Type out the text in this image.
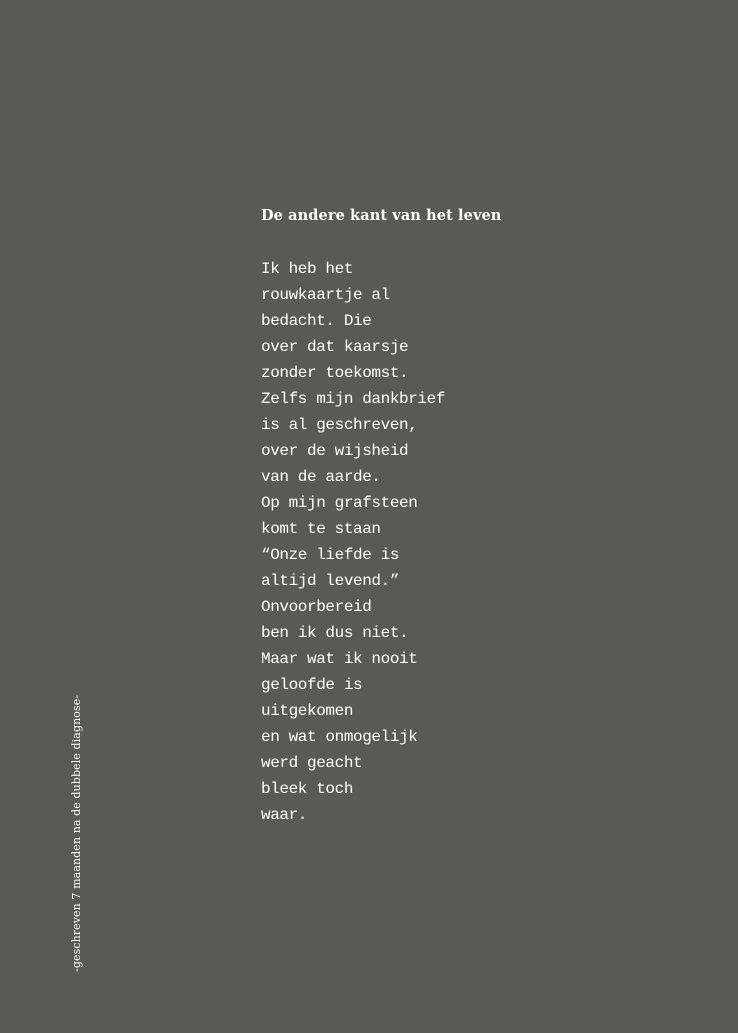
De andere kant van het leven
Ik heb het
rouwkaartje al
bedacht. Die
over dat kaarsje
zonder toekomst.
Zelfs mijn dankbrief
is al geschreven,
over de wijsheid
van de aarde.
Op mijn grafsteen
komt te staan
“Onze liefde is
altijd levend.”
Onvoorbereid
ben ik dus niet.
Maar wat ik nooit
geloofde is
uitgekomen
en wat onmogelijk
werd geacht
bleek toch
waar.
-geschreven 7 maanden na de dubbele diagnose-
